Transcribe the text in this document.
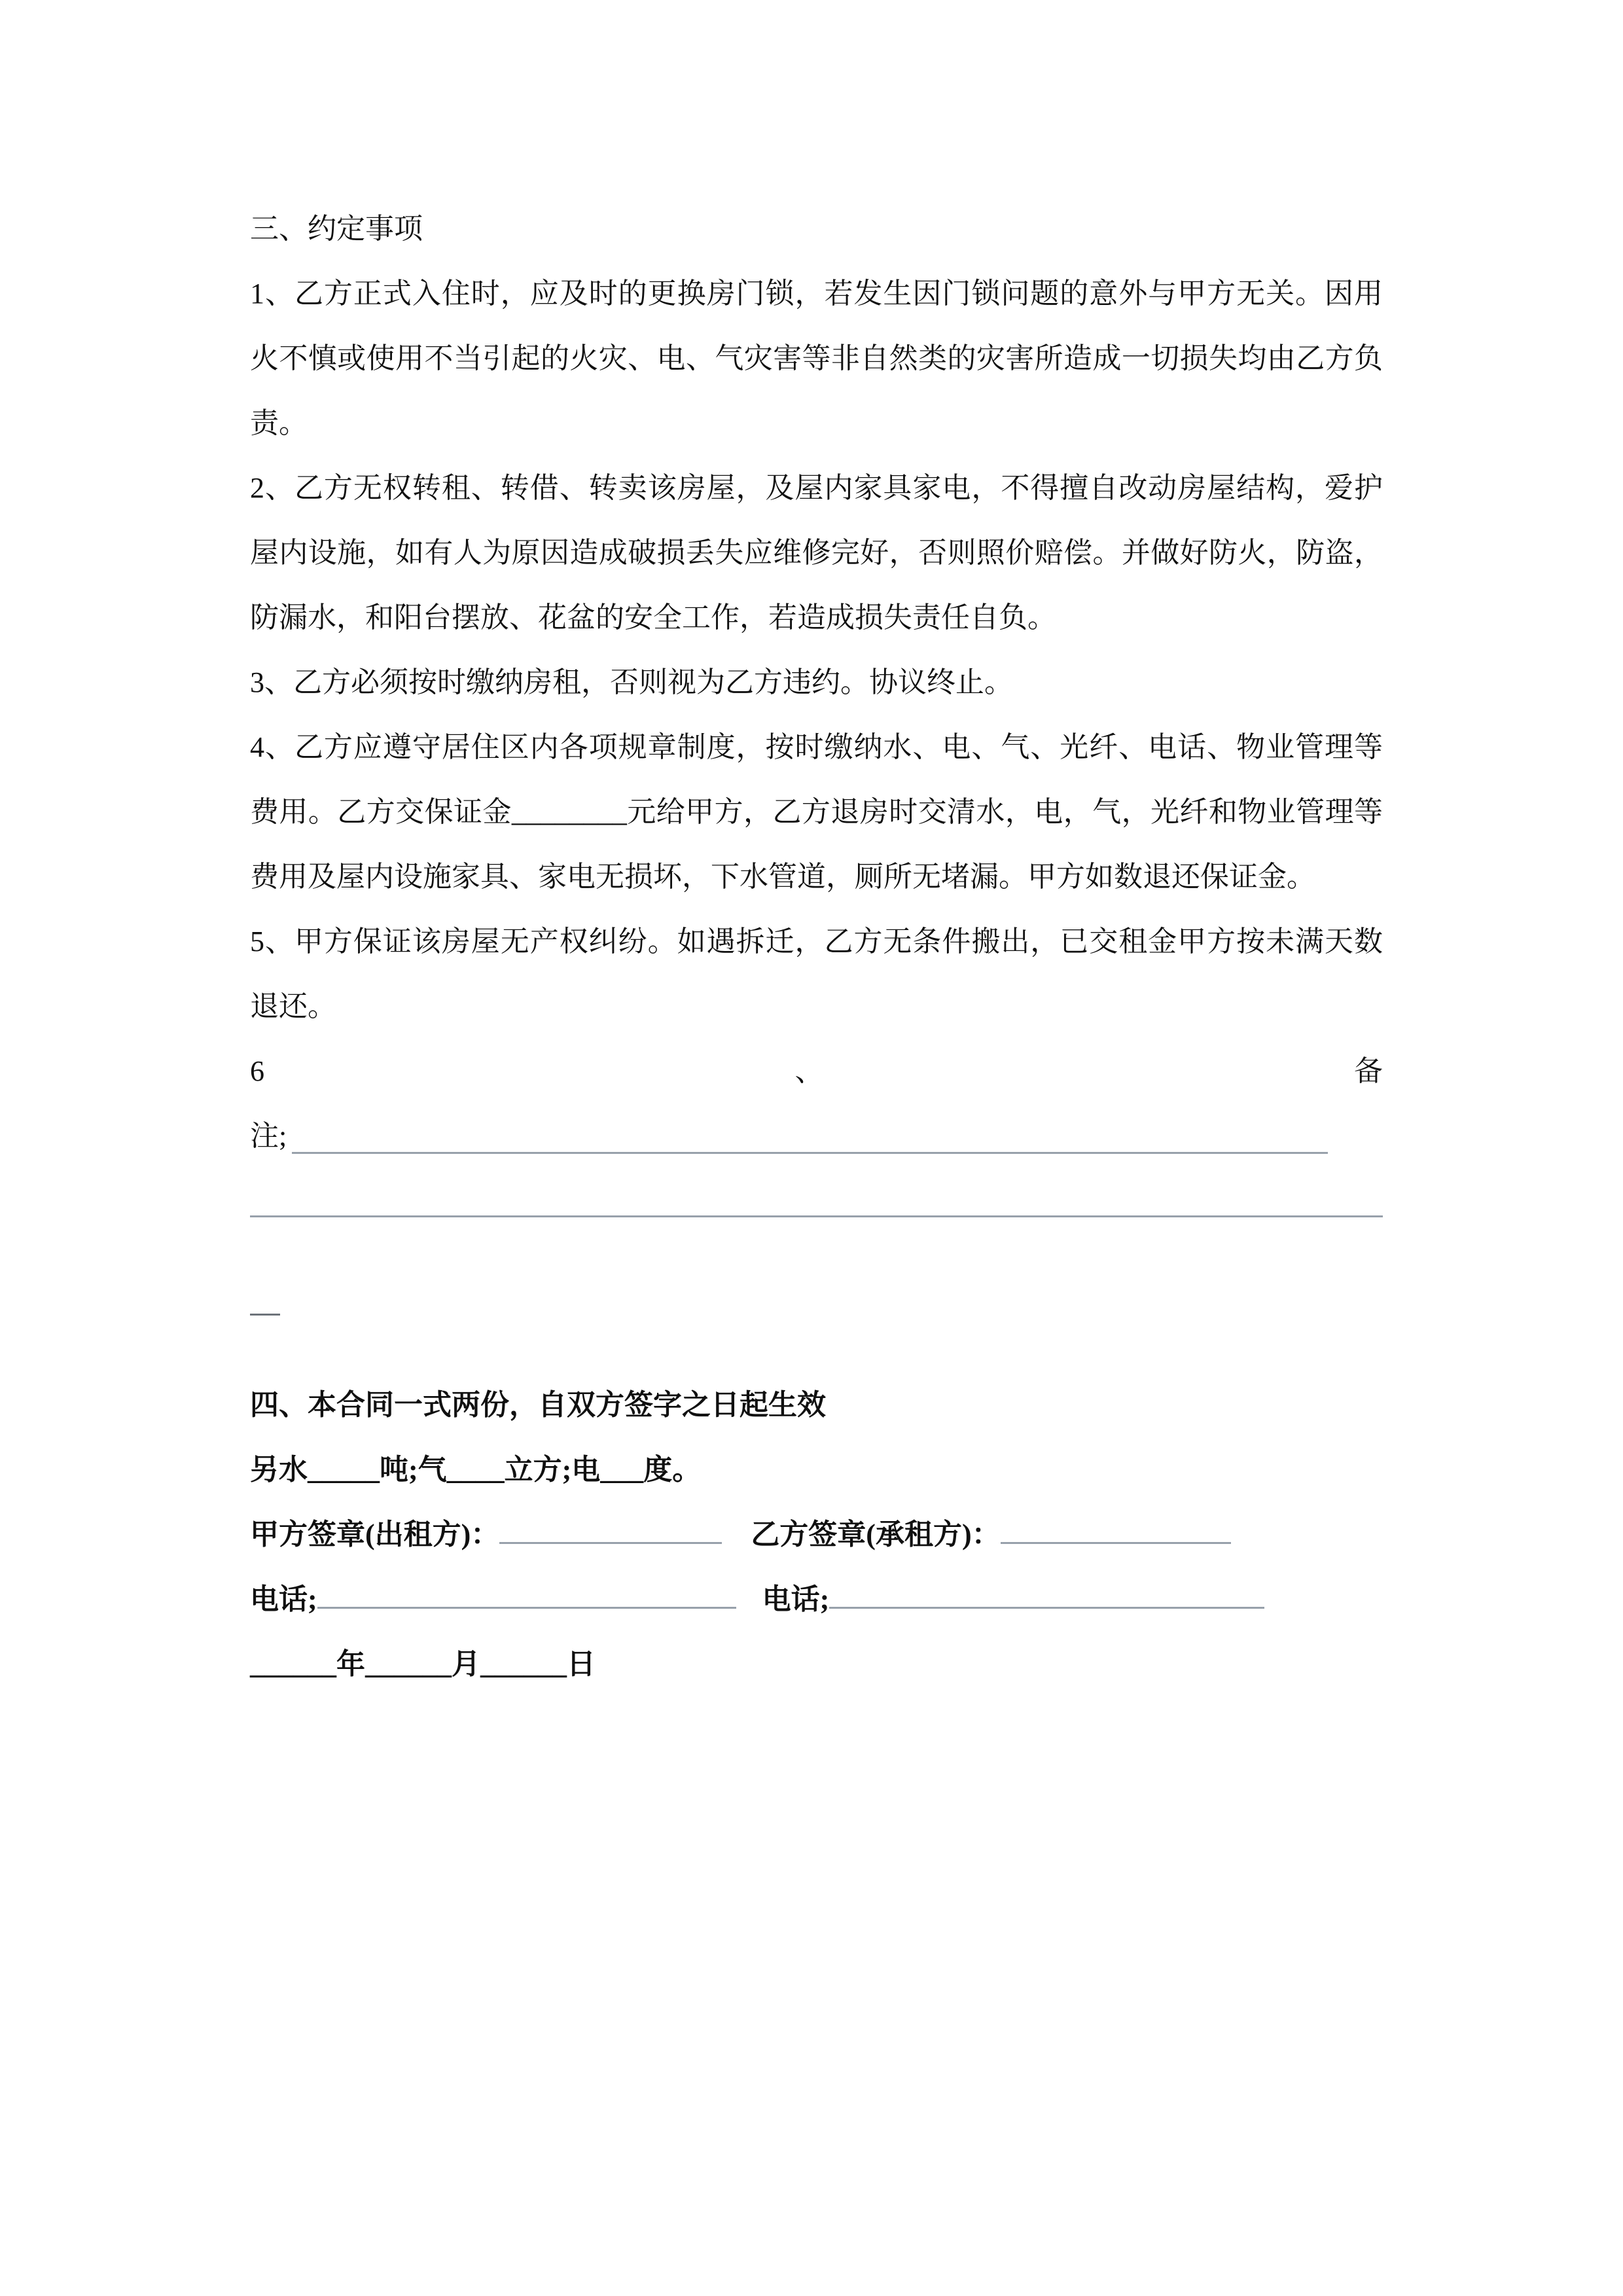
三、约定事项
1、乙方正式入住时，应及时的更换房门锁，若发生因门锁问题的意外与甲方无关。因用火不慎或使用不当引起的火灾、电、气灾害等非自然类的灾害所造成一切损失均由乙方负责。
2、乙方无权转租、转借、转卖该房屋，及屋内家具家电，不得擅自改动房屋结构，爱护屋内设施，如有人为原因造成破损丢失应维修完好，否则照价赔偿。并做好防火，防盗，防漏水，和阳台摆放、花盆的安全工作，若造成损失责任自负。
3、乙方必须按时缴纳房租，否则视为乙方违约。协议终止。
4、乙方应遵守居住区内各项规章制度，按时缴纳水、电、气、光纤、电话、物业管理等费用。乙方交保证金________元给甲方，乙方退房时交清水，电，气，光纤和物业管理等费用及屋内设施家具、家电无损坏，下水管道，厕所无堵漏。甲方如数退还保证金。
5、甲方保证该房屋无产权纠纷。如遇拆迁，乙方无条件搬出，已交租金甲方按未满天数退还。
6	、	备
注;
四、本合同一式两份，自双方签字之日起生效
另水_____吨;气____立方;电___度。
甲方签章(出租方)：	乙方签章(承租方)：
电话;	电话;
______年______月______日
